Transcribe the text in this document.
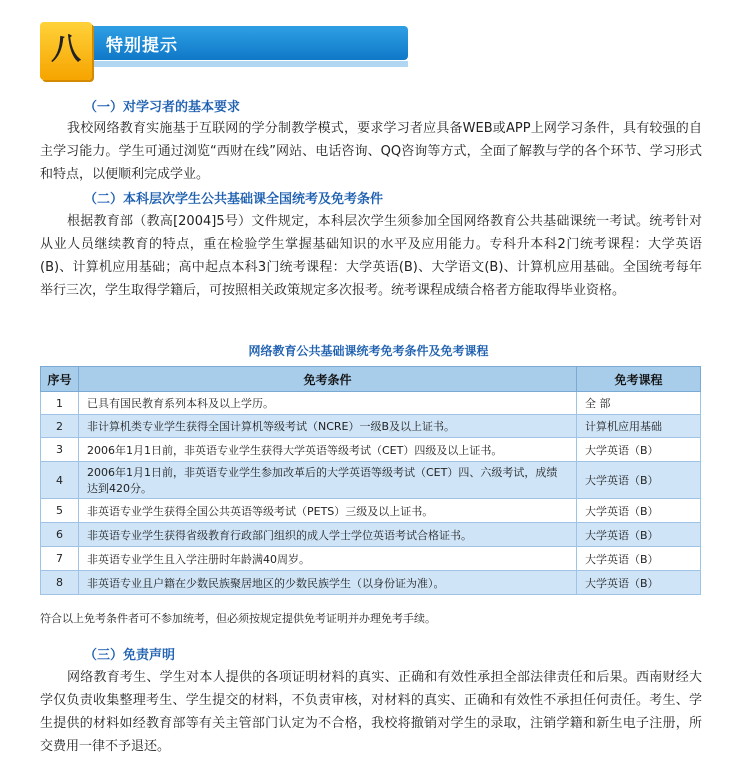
八	特别提示
（一）对学习者的基本要求
我校网络教育实施基于互联网的学分制教学模式，要求学习者应具备WEB或APP上网学习条件，具有较强的自主学习能力。学生可通过浏览“西财在线”网站、电话咨询、QQ咨询等方式，全面了解教与学的各个环节、学习形式和特点，以便顺利完成学业。
（二）本科层次学生公共基础课全国统考及免考条件
根据教育部（教高[2004]5号）文件规定，本科层次学生须参加全国网络教育公共基础课统一考试。统考针对从业人员继续教育的特点，重在检验学生掌握基础知识的水平及应用能力。专科升本科2门统考课程：大学英语(B)、计算机应用基础；高中起点本科3门统考课程：大学英语(B)、大学语文(B)、计算机应用基础。全国统考每年举行三次，学生取得学籍后，可按照相关政策规定多次报考。统考课程成绩合格者方能取得毕业资格。
网络教育公共基础课统考免考条件及免考课程
序号	免考条件	免考课程
1	已具有国民教育系列本科及以上学历。	全 部
2	非计算机类专业学生获得全国计算机等级考试（NCRE）一级B及以上证书。	计算机应用基础
3	2006年1月1日前，非英语专业学生获得大学英语等级考试（CET）四级及以上证书。	大学英语（B）
4	2006年1月1日前，非英语专业学生参加改革后的大学英语等级考试（CET）四、六级考试，成绩达到420分。	大学英语（B）
5	非英语专业学生获得全国公共英语等级考试（PETS）三级及以上证书。	大学英语（B）
6	非英语专业学生获得省级教育行政部门组织的成人学士学位英语考试合格证书。	大学英语（B）
7	非英语专业学生且入学注册时年龄满40周岁。	大学英语（B）
8	非英语专业且户籍在少数民族聚居地区的少数民族学生（以身份证为准）。	大学英语（B）
符合以上免考条件者可不参加统考，但必须按规定提供免考证明并办理免考手续。
（三）免责声明
网络教育考生、学生对本人提供的各项证明材料的真实、正确和有效性承担全部法律责任和后果。西南财经大学仅负责收集整理考生、学生提交的材料，不负责审核，对材料的真实、正确和有效性不承担任何责任。考生、学生提供的材料如经教育部等有关主管部门认定为不合格，我校将撤销对学生的录取，注销学籍和新生电子注册，所交费用一律不予退还。
